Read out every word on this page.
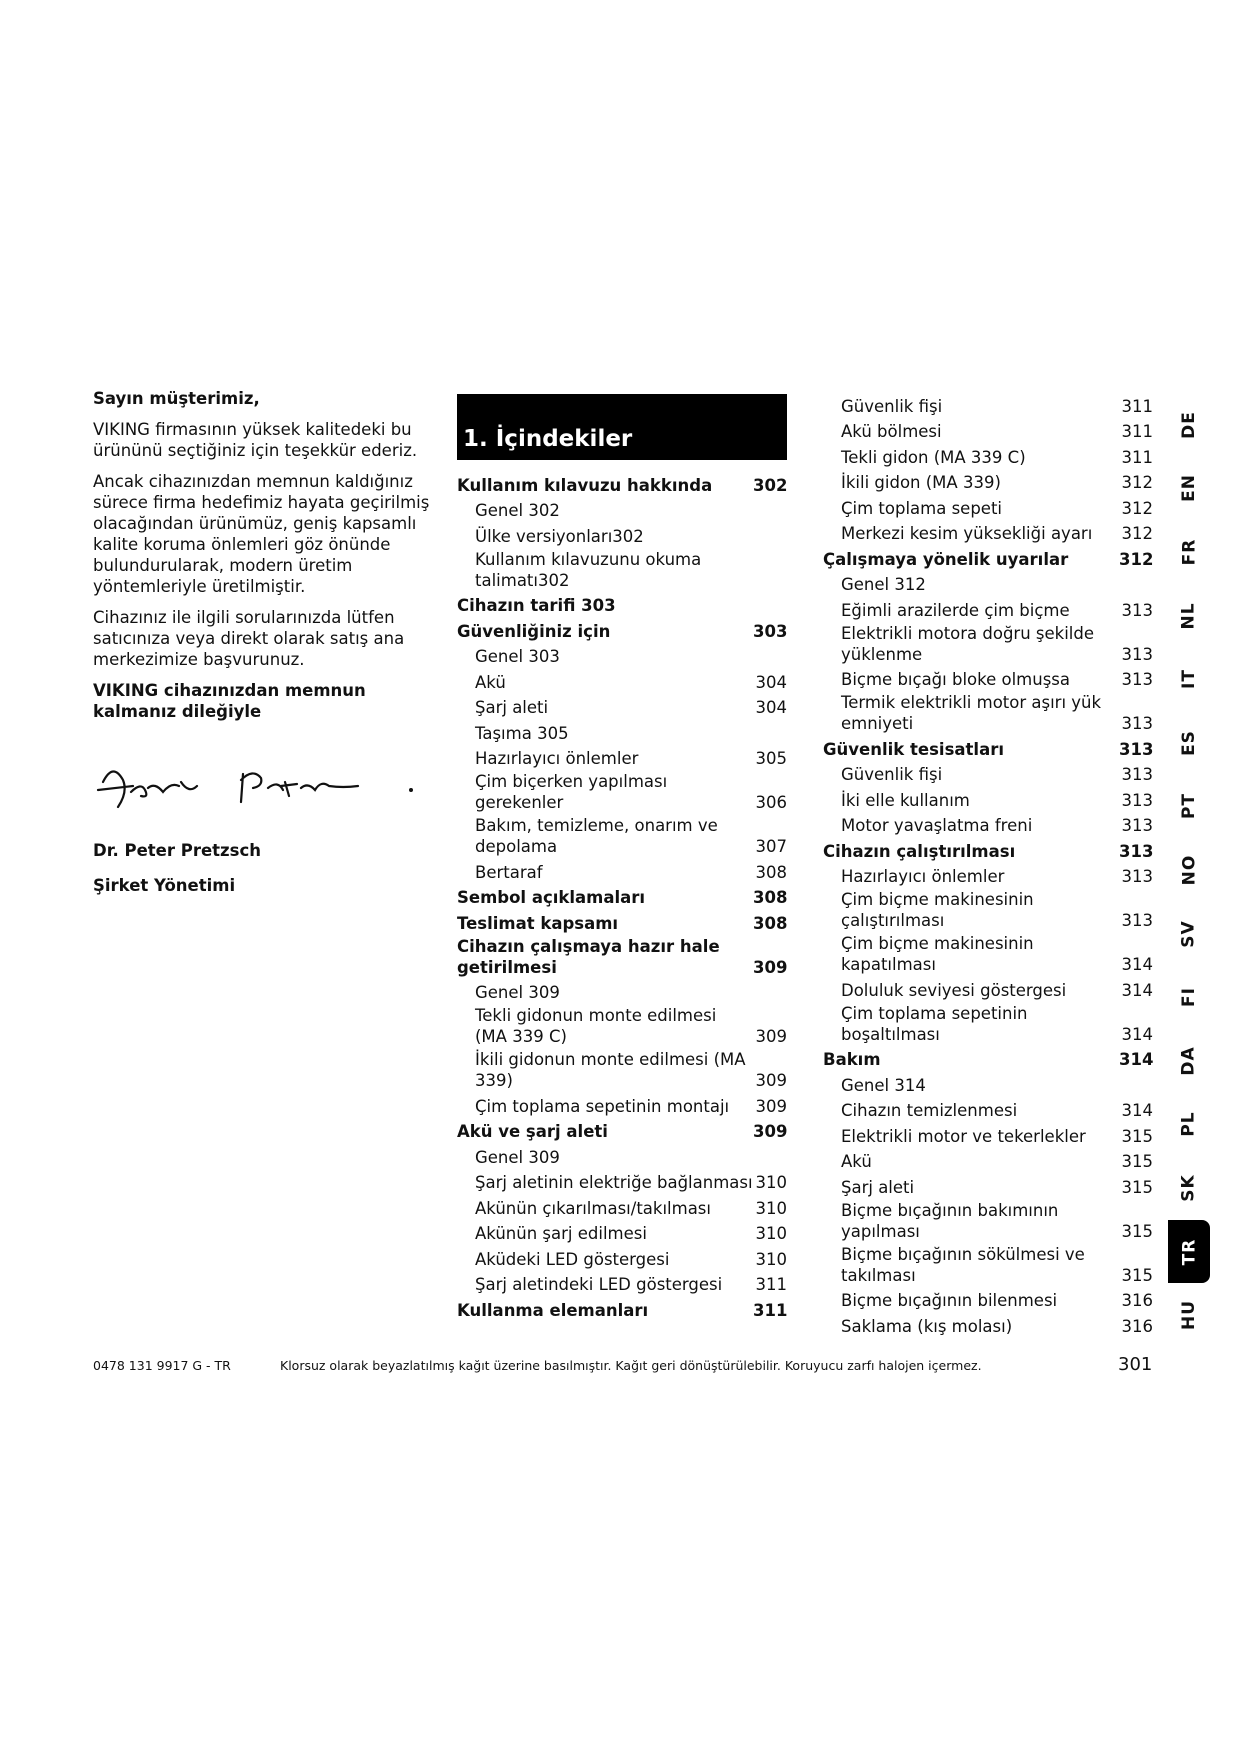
Sayın müşterimiz,

VIKING firmasının yüksek kalitedeki bu ürününü seçtiğiniz için teşekkür ederiz.

Ancak cihazınızdan memnun kaldığınız sürece firma hedefimiz hayata geçirilmiş olacağından ürünümüz, geniş kapsamlı kalite koruma önlemleri göz önünde bulundurularak, modern üretim yöntemleriyle üretilmiştir.

Cihazınız ile ilgili sorularınızda lütfen satıcınıza veya direkt olarak satış ana merkezimize başvurunuz.

VIKING cihazınızdan memnun kalmanız dileğiyle

Dr. Peter Pretzsch

Şirket Yönetimi

1. İçindekiler
Kullanım kılavuzu hakkında	302
Genel 302
Ülke versiyonları302
Kullanım kılavuzunu okuma talimatı302
Cihazın tarifi 303
Güvenliğiniz için	303
Genel 303
Akü	304
Şarj aleti	304
Taşıma 305
Hazırlayıcı önlemler	305
Çim biçerken yapılması gerekenler	306
Bakım, temizleme, onarım ve depolama	307
Bertaraf	308
Sembol açıklamaları	308
Teslimat kapsamı	308
Cihazın çalışmaya hazır hale getirilmesi	309
Genel 309
Tekli gidonun monte edilmesi (MA 339 C)	309
İkili gidonun monte edilmesi (MA 339)	309
Çim toplama sepetinin montajı	309
Akü ve şarj aleti	309
Genel 309
Şarj aletinin elektriğe bağlanması 310
Akünün çıkarılması/takılması	310
Akünün şarj edilmesi	310
Aküdeki LED göstergesi	310
Şarj aletindeki LED göstergesi	311
Kullanma elemanları	311
Güvenlik fişi	311
Akü bölmesi	311
Tekli gidon (MA 339 C)	311
İkili gidon (MA 339)	312
Çim toplama sepeti	312
Merkezi kesim yüksekliği ayarı	312
Çalışmaya yönelik uyarılar	312
Genel 312
Eğimli arazilerde çim biçme	313
Elektrikli motora doğru şekilde yüklenme	313
Biçme bıçağı bloke olmuşsa	313
Termik elektrikli motor aşırı yük emniyeti	313
Güvenlik tesisatları	313
Güvenlik fişi	313
İki elle kullanım	313
Motor yavaşlatma freni	313
Cihazın çalıştırılması	313
Hazırlayıcı önlemler	313
Çim biçme makinesinin çalıştırılması	313
Çim biçme makinesinin kapatılması	314
Doluluk seviyesi göstergesi	314
Çim toplama sepetinin boşaltılması	314
Bakım	314
Genel 314
Cihazın temizlenmesi	314
Elektrikli motor ve tekerlekler	315
Akü	315
Şarj aleti	315
Biçme bıçağının bakımının yapılması	315
Biçme bıçağının sökülmesi ve takılması	315
Biçme bıçağının bilenmesi	316
Saklama (kış molası)	316
DE
EN
FR
NL
IT
ES
PT
NO
SV
FI
DA
PL
SK
TR
HU
0478 131 9917 G - TR	Klorsuz olarak beyazlatılmış kağıt üzerine basılmıştır. Kağıt geri dönüştürülebilir. Koruyucu zarfı halojen içermez.	301
